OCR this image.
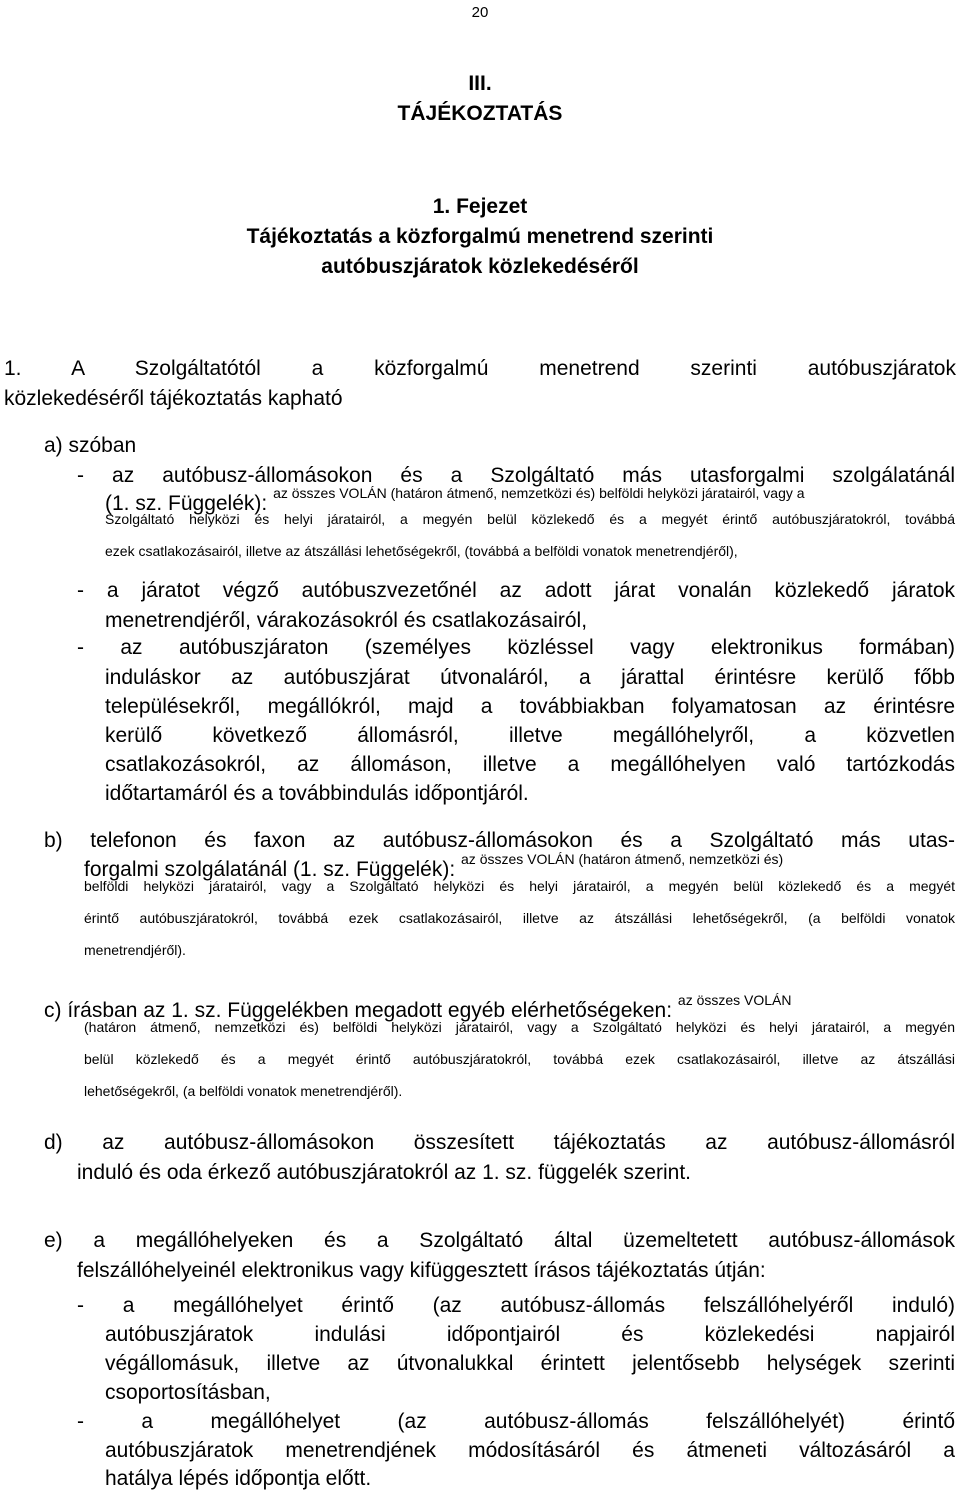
20
III.
TÁJÉKOZTATÁS
1. Fejezet
Tájékoztatás a közforgalmú menetrend szerinti
autóbuszjáratok közlekedéséről
1. A Szolgáltatótól a közforgalmú menetrend szerinti autóbuszjáratok
közlekedéséről tájékoztatás kapható
a) szóban
- az autóbusz-állomásokon és a Szolgáltató más utasforgalmi szolgálatánál
(1. sz. Függelék): $^{az összes VOLÁN (határon átmenő, nemzetközi és) belföldi helyközi járatairól, vagy a}$
Szolgáltató helyközi és helyi járatairól, a megyén belül közlekedő és a megyét érintő autóbuszjáratokról, továbbá
ezek csatlakozásairól, illetve az átszállási lehetőségekről, (továbbá a belföldi vonatok menetrendjéről),
- a járatot végző autóbuszvezetőnél az adott járat vonalán közlekedő járatok
menetrendjéről, várakozásokról és csatlakozásairól,
- az autóbuszjáraton (személyes közléssel vagy elektronikus formában)
induláskor az autóbuszjárat útvonaláról, a járattal érintésre kerülő főbb
településekről, megállókról, majd a továbbiakban folyamatosan az érintésre
kerülő következő állomásról, illetve megállóhelyről, a közvetlen
csatlakozásokról, az állomáson, illetve a megállóhelyen való tartózkodás
időtartamáról és a továbbindulás időpontjáról.
b) telefonon és faxon az autóbusz-állomásokon és a Szolgáltató más utas-
forgalmi szolgálatánál (1. sz. Függelék): $^{az összes VOLÁN (határon átmenő, nemzetközi és)}$
belföldi helyközi járatairól, vagy a Szolgáltató helyközi és helyi járatairól, a megyén belül közlekedő és a megyét
érintő autóbuszjáratokról, továbbá ezek csatlakozásairól, illetve az átszállási lehetőségekről, (a belföldi vonatok
menetrendjéről).
c) írásban az 1. sz. Függelékben megadott egyéb elérhetőségeken: $^{az összes VOLÁN}$
(határon átmenő, nemzetközi és) belföldi helyközi járatairól, vagy a Szolgáltató helyközi és helyi járatairól, a megyén
belül közlekedő és a megyét érintő autóbuszjáratokról, továbbá ezek csatlakozásairól, illetve az átszállási
lehetőségekről, (a belföldi vonatok menetrendjéről).
d) az autóbusz-állomásokon összesített tájékoztatás az autóbusz-állomásról
induló és oda érkező autóbuszjáratokról az 1. sz. függelék szerint.
e) a megállóhelyeken és a Szolgáltató által üzemeltetett autóbusz-állomások
felszállóhelyeinél elektronikus vagy kifüggesztett írásos tájékoztatás útján:
- a megállóhelyet érintő (az autóbusz-állomás felszállóhelyéről induló)
autóbuszjáratok indulási időpontjairól és közlekedési napjairól
végállomásuk, illetve az útvonalukkal érintett jelentősebb helységek szerinti
csoportosításban,
- a megállóhelyet (az autóbusz-állomás felszállóhelyét) érintő
autóbuszjáratok menetrendjének módosításáról és átmeneti változásáról a
hatálya lépés időpontja előtt.
